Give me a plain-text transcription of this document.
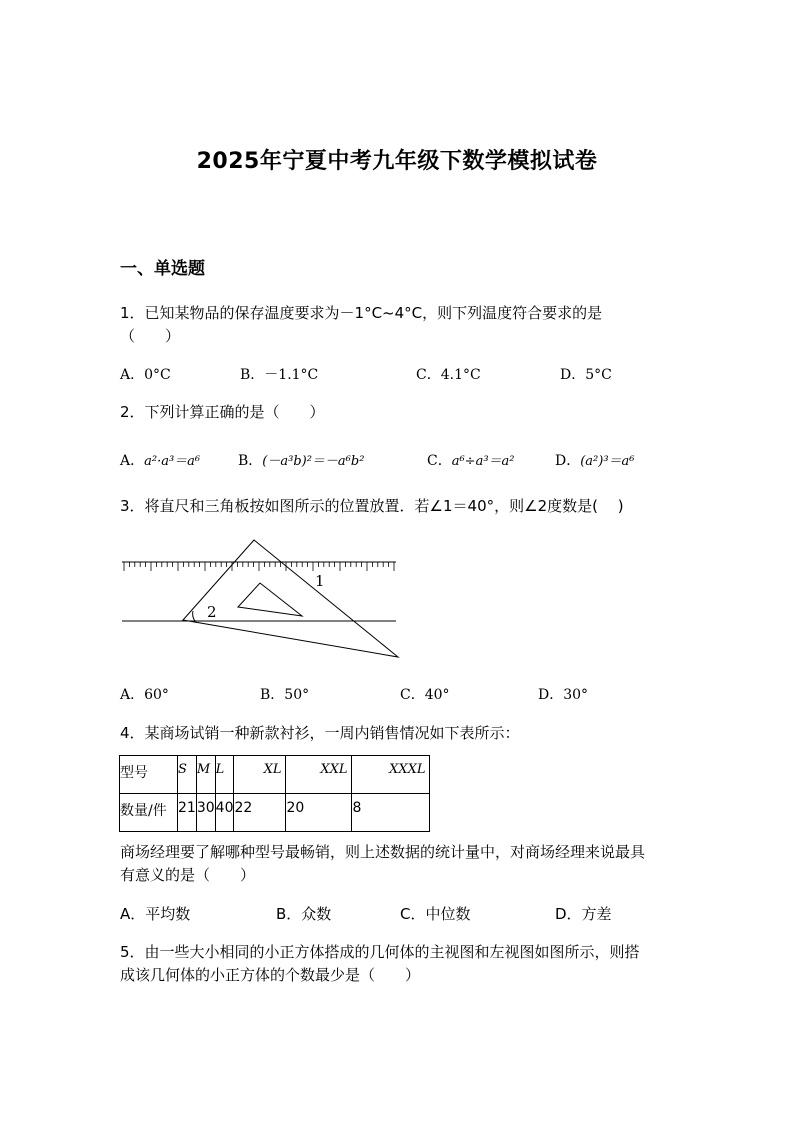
2025年宁夏中考九年级下数学模拟试卷
一、单选题
1．已知某物品的保存温度要求为－1°C~4°C，则下列温度符合要求的是
（　　）
A．0°C	B．－1.1°C	C．4.1°C	D．5°C
2．下列计算正确的是（　　）
A．a²·a³＝a⁶	B．(－a³b)²＝－a⁶b²	C．a⁶÷a³＝a²	D．(a²)³＝a⁶
3．将直尺和三角板按如图所示的位置放置．若∠1＝40°，则∠2度数是(　 )
1
2
A．60°	B．50°	C．40°	D．30°
4．某商场试销一种新款衬衫，一周内销售情况如下表所示：
型号	S	M	L	XL	XXL	XXXL
数量/件	21	30	40	22	20	8
商场经理要了解哪种型号最畅销，则上述数据的统计量中，对商场经理来说最具
有意义的是（　　）
A．平均数	B．众数	C．中位数	D．方差
5．由一些大小相同的小正方体搭成的几何体的主视图和左视图如图所示，则搭
成该几何体的小正方体的个数最少是（　　）
